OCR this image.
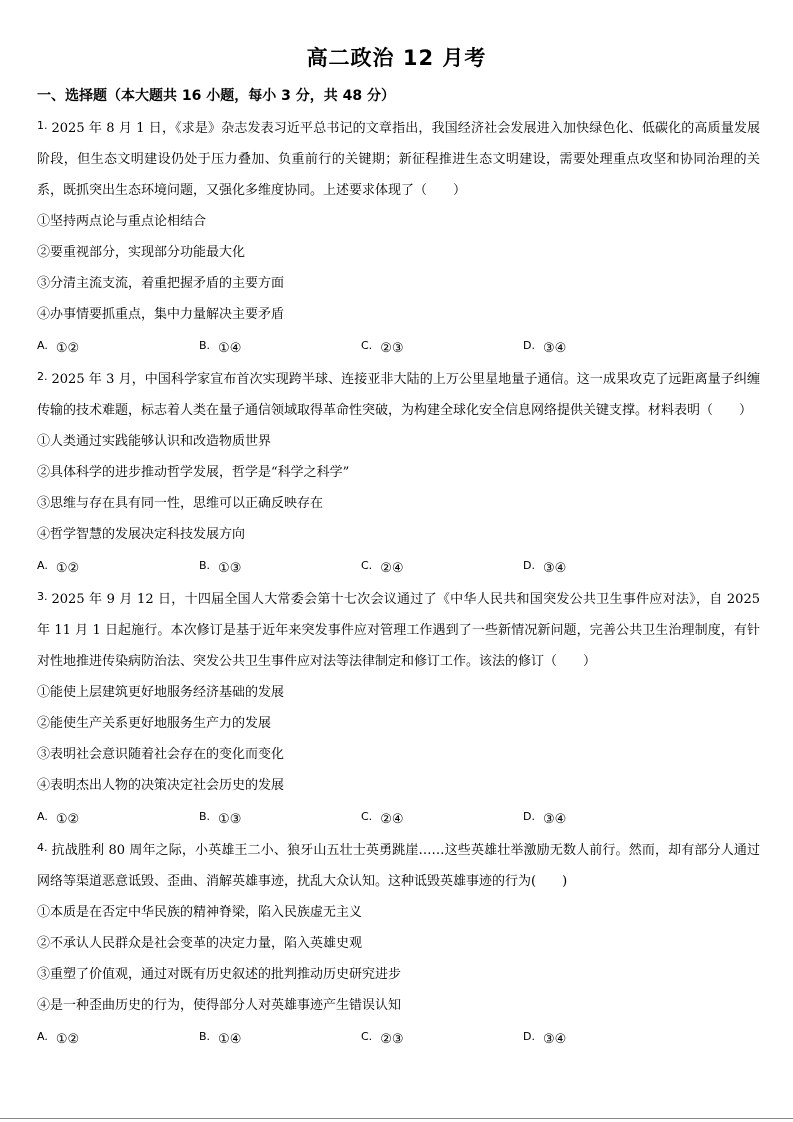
高二政治 12 月考
一、选择题（本大题共 16 小题，每小 3 分，共 48 分）

$^{1.}$ 2025 年 8 月 1 日，《求是》杂志发表习近平总书记的文章指出，我国经济社会发展进入加快绿色化、低碳化的高质量发展阶段，但生态文明建设仍处于压力叠加、负重前行的关键期；新征程推进生态文明建设，需要处理重点攻坚和协同治理的关系，既抓突出生态环境问题，又强化多维度协同。上述要求体现了（　　）

①坚持两点论与重点论相结合
②要重视部分，实现部分功能最大化
③分清主流支流，着重把握矛盾的主要方面
④办事情要抓重点，集中力量解决主要矛盾
$^{A.}$ ①②	$^{B.}$ ①④	$^{C.}$ ②③	$^{D.}$ ③④

$^{2.}$ 2025 年 3 月，中国科学家宣布首次实现跨半球、连接亚非大陆的上万公里星地量子通信。这一成果攻克了远距离量子纠缠传输的技术难题，标志着人类在量子通信领域取得革命性突破，为构建全球化安全信息网络提供关键支撑。材料表明（　　）

①人类通过实践能够认识和改造物质世界
②具体科学的进步推动哲学发展，哲学是“科学之科学”
③思维与存在具有同一性，思维可以正确反映存在
④哲学智慧的发展决定科技发展方向
$^{A.}$ ①②	$^{B.}$ ①③	$^{C.}$ ②④	$^{D.}$ ③④

$^{3.}$ 2025 年 9 月 12 日，十四届全国人大常委会第十七次会议通过了《中华人民共和国突发公共卫生事件应对法》，自 2025 年 11 月 1 日起施行。本次修订是基于近年来突发事件应对管理工作遇到了一些新情况新问题，完善公共卫生治理制度，有针对性地推进传染病防治法、突发公共卫生事件应对法等法律制定和修订工作。该法的修订（　　）

①能使上层建筑更好地服务经济基础的发展
②能使生产关系更好地服务生产力的发展
③表明社会意识随着社会存在的变化而变化
④表明杰出人物的决策决定社会历史的发展
$^{A.}$ ①②	$^{B.}$ ①③	$^{C.}$ ②④	$^{D.}$ ③④

$^{4.}$ 抗战胜利 80 周年之际，小英雄王二小、狼牙山五壮士英勇跳崖……这些英雄壮举激励无数人前行。然而，却有部分人通过网络等渠道恶意诋毁、歪曲、消解英雄事迹，扰乱大众认知。这种诋毁英雄事迹的行为(　　)

①本质是在否定中华民族的精神脊梁，陷入民族虚无主义
②不承认人民群众是社会变革的决定力量，陷入英雄史观
③重塑了价值观，通过对既有历史叙述的批判推动历史研究进步
④是一种歪曲历史的行为，使得部分人对英雄事迹产生错误认知
$^{A.}$ ①②	$^{B.}$ ①④	$^{C.}$ ②③	$^{D.}$ ③④
